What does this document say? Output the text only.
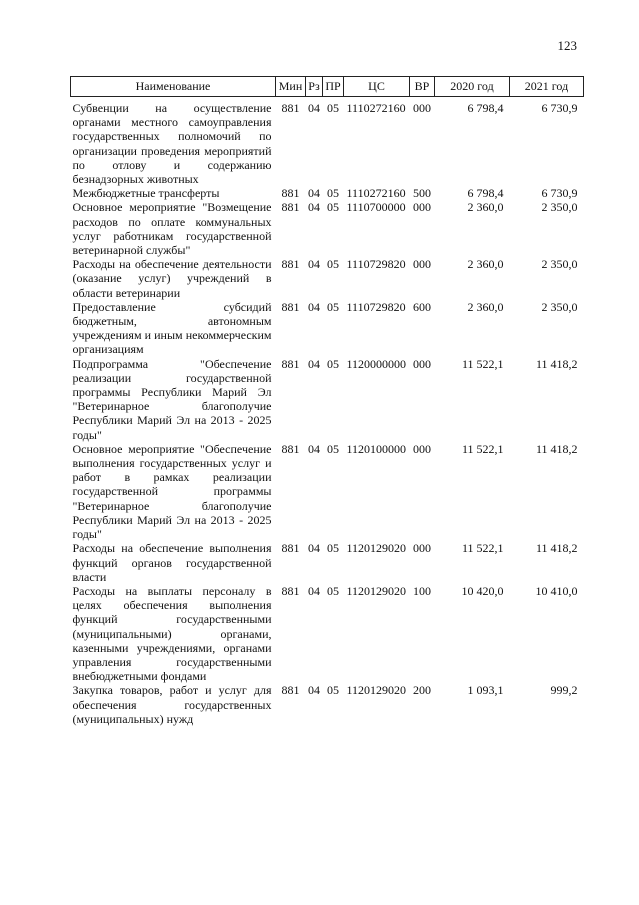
123
Наименование	Мин	Рз	ПР	ЦС	ВР	2020 год	2021 год
Субвенции на осуществление органами местного самоуправления государственных полномочий по организации проведения мероприятий по отлову и содержанию безнадзорных животных	881	04	05	1110272160	000	6 798,4	6 730,9
Межбюджетные трансферты	881	04	05	1110272160	500	6 798,4	6 730,9
Основное мероприятие "Возмещение расходов по оплате коммунальных услуг работникам государственной ветеринарной службы"	881	04	05	1110700000	000	2 360,0	2 350,0
Расходы на обеспечение деятельности (оказание услуг) учреждений в области ветеринарии	881	04	05	1110729820	000	2 360,0	2 350,0
Предоставление субсидий бюджетным, автономным учреждениям и иным некоммерческим организациям	881	04	05	1110729820	600	2 360,0	2 350,0
Подпрограмма "Обеспечение реализации государственной программы Республики Марий Эл "Ветеринарное благополучие Республики Марий Эл на 2013 - 2025 годы"	881	04	05	1120000000	000	11 522,1	11 418,2
Основное мероприятие "Обеспечение выполнения государственных услуг и работ в рамках реализации государственной программы "Ветеринарное благополучие Республики Марий Эл на 2013 - 2025 годы"	881	04	05	1120100000	000	11 522,1	11 418,2
Расходы на обеспечение выполнения функций органов государственной власти	881	04	05	1120129020	000	11 522,1	11 418,2
Расходы на выплаты персоналу в целях обеспечения выполнения функций государственными (муниципальными) органами, казенными учреждениями, органами управления государственными внебюджетными фондами	881	04	05	1120129020	100	10 420,0	10 410,0
Закупка товаров, работ и услуг для обеспечения государственных (муниципальных) нужд	881	04	05	1120129020	200	1 093,1	999,2
